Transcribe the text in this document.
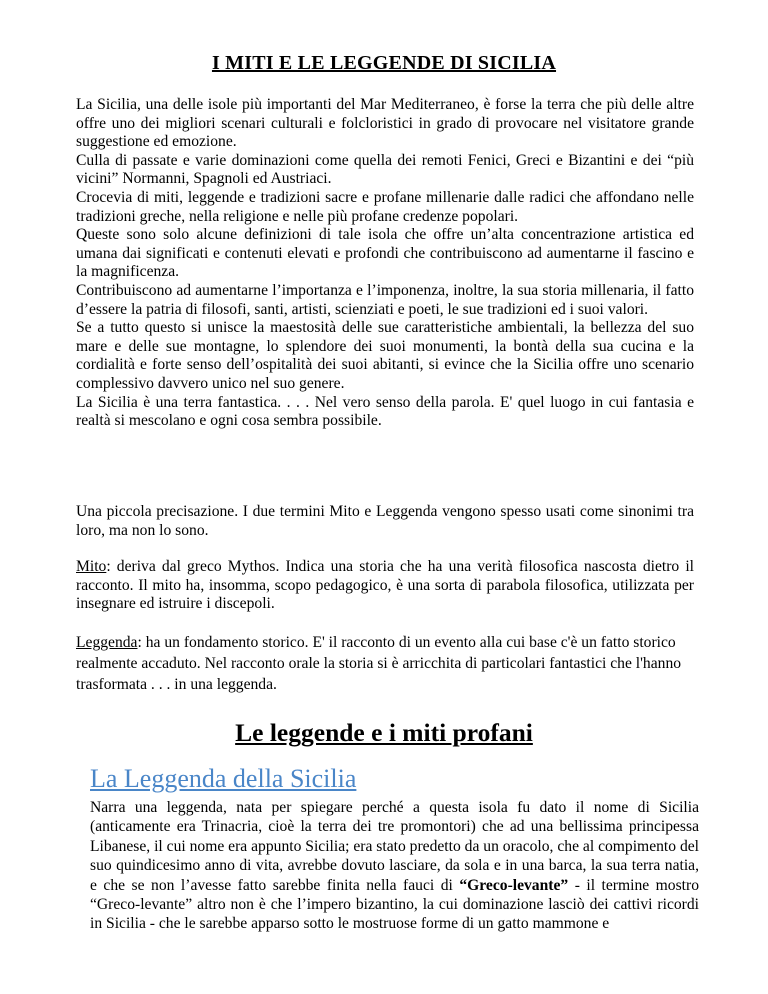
I MITI E LE LEGGENDE DI SICILIA

La Sicilia, una delle isole più importanti del Mar Mediterraneo, è forse la terra che più delle altre offre uno dei migliori scenari culturali e folcloristici in grado di provocare nel visitatore grande suggestione ed emozione.

Culla di passate e varie dominazioni come quella dei remoti Fenici, Greci e Bizantini e dei “più vicini” Normanni, Spagnoli ed Austriaci.

Crocevia di miti, leggende e tradizioni sacre e profane millenarie dalle radici che affondano nelle tradizioni greche, nella religione e nelle più profane credenze popolari.

Queste sono solo alcune definizioni di tale isola che offre un’alta concentrazione artistica ed umana dai significati e contenuti elevati e profondi che contribuiscono ad aumentarne il fascino e la magnificenza.

Contribuiscono ad aumentarne l’importanza e l’imponenza, inoltre, la sua storia millenaria, il fatto d’essere la patria di filosofi, santi, artisti, scienziati e poeti, le sue tradizioni ed i suoi valori.

Se a tutto questo si unisce la maestosità delle sue caratteristiche ambientali, la bellezza del suo mare e delle sue montagne, lo splendore dei suoi monumenti, la bontà della sua cucina e la cordialità e forte senso dell’ospitalità dei suoi abitanti, si evince che la Sicilia offre uno scenario complessivo davvero unico nel suo genere.

La Sicilia è una terra fantastica. . . . Nel vero senso della parola. E' quel luogo in cui fantasia e realtà si mescolano e ogni cosa sembra possibile.

Una piccola precisazione. I due termini Mito e Leggenda vengono spesso usati come sinonimi tra loro, ma non lo sono.

Mito: deriva dal greco Mythos. Indica una storia che ha una verità filosofica nascosta dietro il racconto. Il mito ha, insomma, scopo pedagogico, è una sorta di parabola filosofica, utilizzata per insegnare ed istruire i discepoli.

Leggenda: ha un fondamento storico. E' il racconto di un evento alla cui base c'è un fatto storico realmente accaduto. Nel racconto orale la storia si è arricchita di particolari fantastici che l'hanno trasformata . . . in una leggenda.

Le leggende e i miti profani
La Leggenda della Sicilia

Narra una leggenda, nata per spiegare perché a questa isola fu dato il nome di Sicilia (anticamente era Trinacria, cioè la terra dei tre promontori) che ad una bellissima principessa Libanese, il cui nome era appunto Sicilia; era stato predetto da un oracolo, che al compimento del suo quindicesimo anno di vita, avrebbe dovuto lasciare, da sola e in una barca, la sua terra natia, e che se non l’avesse fatto sarebbe finita nella fauci di “Greco-levante” - il termine mostro “Greco-levante” altro non è che l’impero bizantino, la cui dominazione lasciò dei cattivi ricordi in Sicilia - che le sarebbe apparso sotto le mostruose forme di un gatto mammone e
